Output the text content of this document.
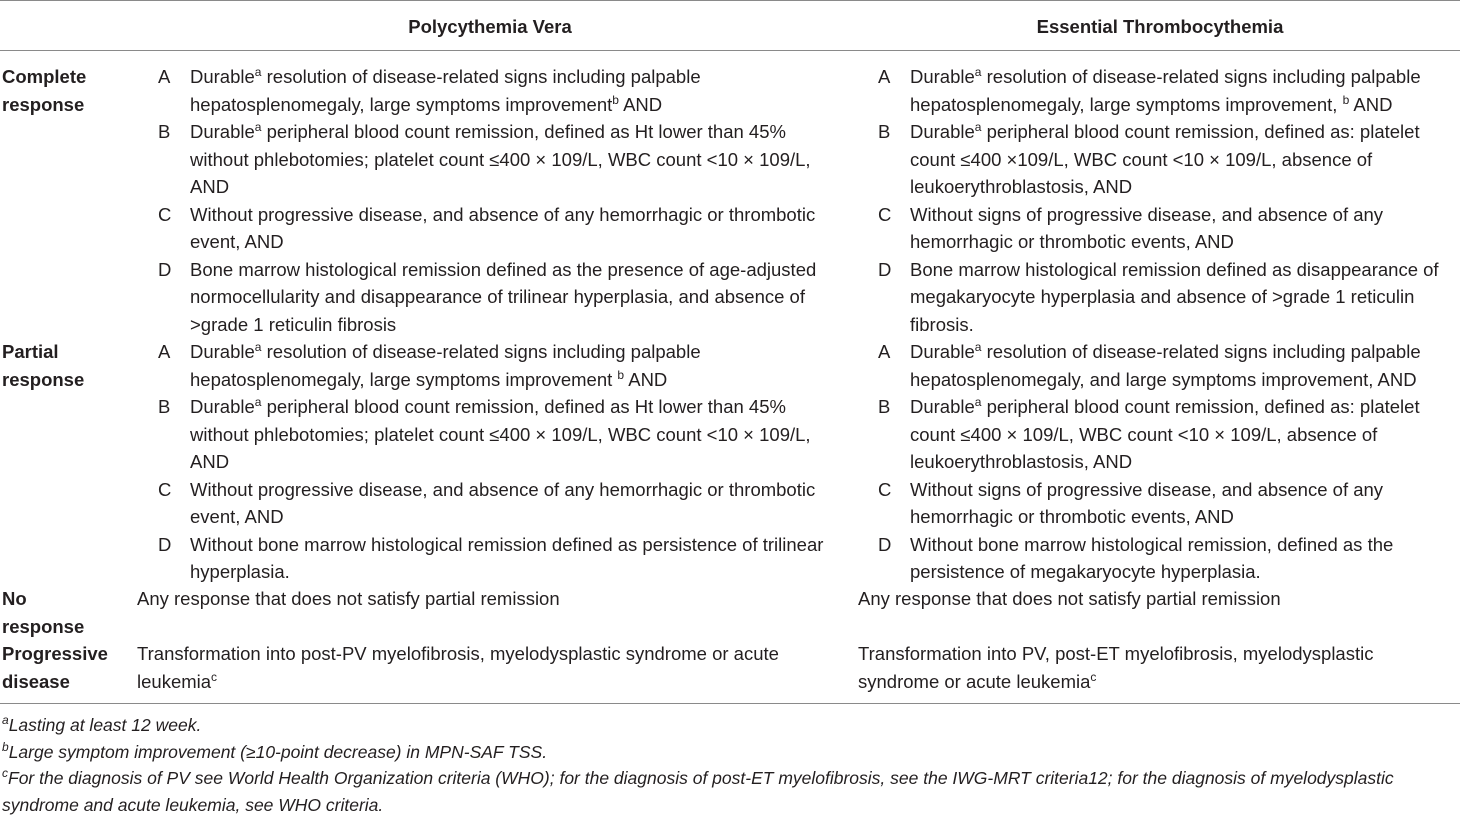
Polycythemia Vera	Essential Thrombocythemia
Complete
response
A Durable$^a$ resolution of disease-related signs including palpable hepatosplenomegaly, large symptoms improvement$^b$ AND
B Durable$^a$ peripheral blood count remission, defined as Ht lower than 45% without phlebotomies; platelet count ≤400 × 109/L, WBC count <10 × 109/L, AND
C Without progressive disease, and absence of any hemorrhagic or thrombotic event, AND
D Bone marrow histological remission defined as the presence of age-adjusted normocellularity and disappearance of trilinear hyperplasia, and absence of >grade 1 reticulin fibrosis
A Durable$^a$ resolution of disease-related signs including palpable hepatosplenomegaly, large symptoms improvement, $^b$ AND
B Durable$^a$ peripheral blood count remission, defined as: platelet count ≤400 ×109/L, WBC count <10 × 109/L, absence of leukoerythroblastosis, AND
C Without signs of progressive disease, and absence of any hemorrhagic or thrombotic events, AND
D Bone marrow histological remission defined as disappearance of megakaryocyte hyperplasia and absence of >grade 1 reticulin fibrosis.
Partial
response
A Durable$^a$ resolution of disease-related signs including palpable hepatosplenomegaly, large symptoms improvement $^b$ AND
B Durable$^a$ peripheral blood count remission, defined as Ht lower than 45% without phlebotomies; platelet count ≤400 × 109/L, WBC count <10 × 109/L, AND
C Without progressive disease, and absence of any hemorrhagic or thrombotic event, AND
D Without bone marrow histological remission defined as persistence of trilinear hyperplasia.
A Durable$^a$ resolution of disease-related signs including palpable hepatosplenomegaly, and large symptoms improvement, AND
B Durable$^a$ peripheral blood count remission, defined as: platelet count ≤400 × 109/L, WBC count <10 × 109/L, absence of leukoerythroblastosis, AND
C Without signs of progressive disease, and absence of any hemorrhagic or thrombotic events, AND
D Without bone marrow histological remission, defined as the persistence of megakaryocyte hyperplasia.
No
response
Any response that does not satisfy partial remission	Any response that does not satisfy partial remission
Progressive
disease
Transformation into post-PV myelofibrosis, myelodysplastic syndrome or acute leukemia$^c$
Transformation into PV, post-ET myelofibrosis, myelodysplastic syndrome or acute leukemia$^c$
$^a$Lasting at least 12 week.
$^b$Large symptom improvement (≥10-point decrease) in MPN-SAF TSS.
$^c$For the diagnosis of PV see World Health Organization criteria (WHO); for the diagnosis of post-ET myelofibrosis, see the IWG-MRT criteria12; for the diagnosis of myelodysplastic syndrome and acute leukemia, see WHO criteria.
